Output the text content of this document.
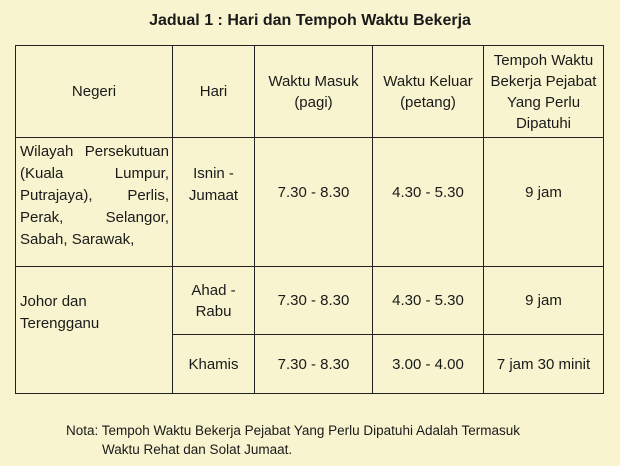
Jadual 1 : Hari dan Tempoh Waktu Bekerja
Negeri	Hari	Waktu Masuk (pagi)	Waktu Keluar (petang)	Tempoh Waktu Bekerja Pejabat Yang Perlu Dipatuhi
Wilayah Persekutuan (Kuala Lumpur, Putrajaya), Perlis, Perak, Selangor, Sabah, Sarawak,	Isnin - Jumaat	7.30 - 8.30	4.30 - 5.30	9 jam
Johor dan Terengganu	Ahad - Rabu	7.30 - 8.30	4.30 - 5.30	9 jam
	Khamis	7.30 - 8.30	3.00 - 4.00	7 jam 30 minit
Nota: Tempoh Waktu Bekerja Pejabat Yang Perlu Dipatuhi Adalah Termasuk
Waktu Rehat dan Solat Jumaat.
